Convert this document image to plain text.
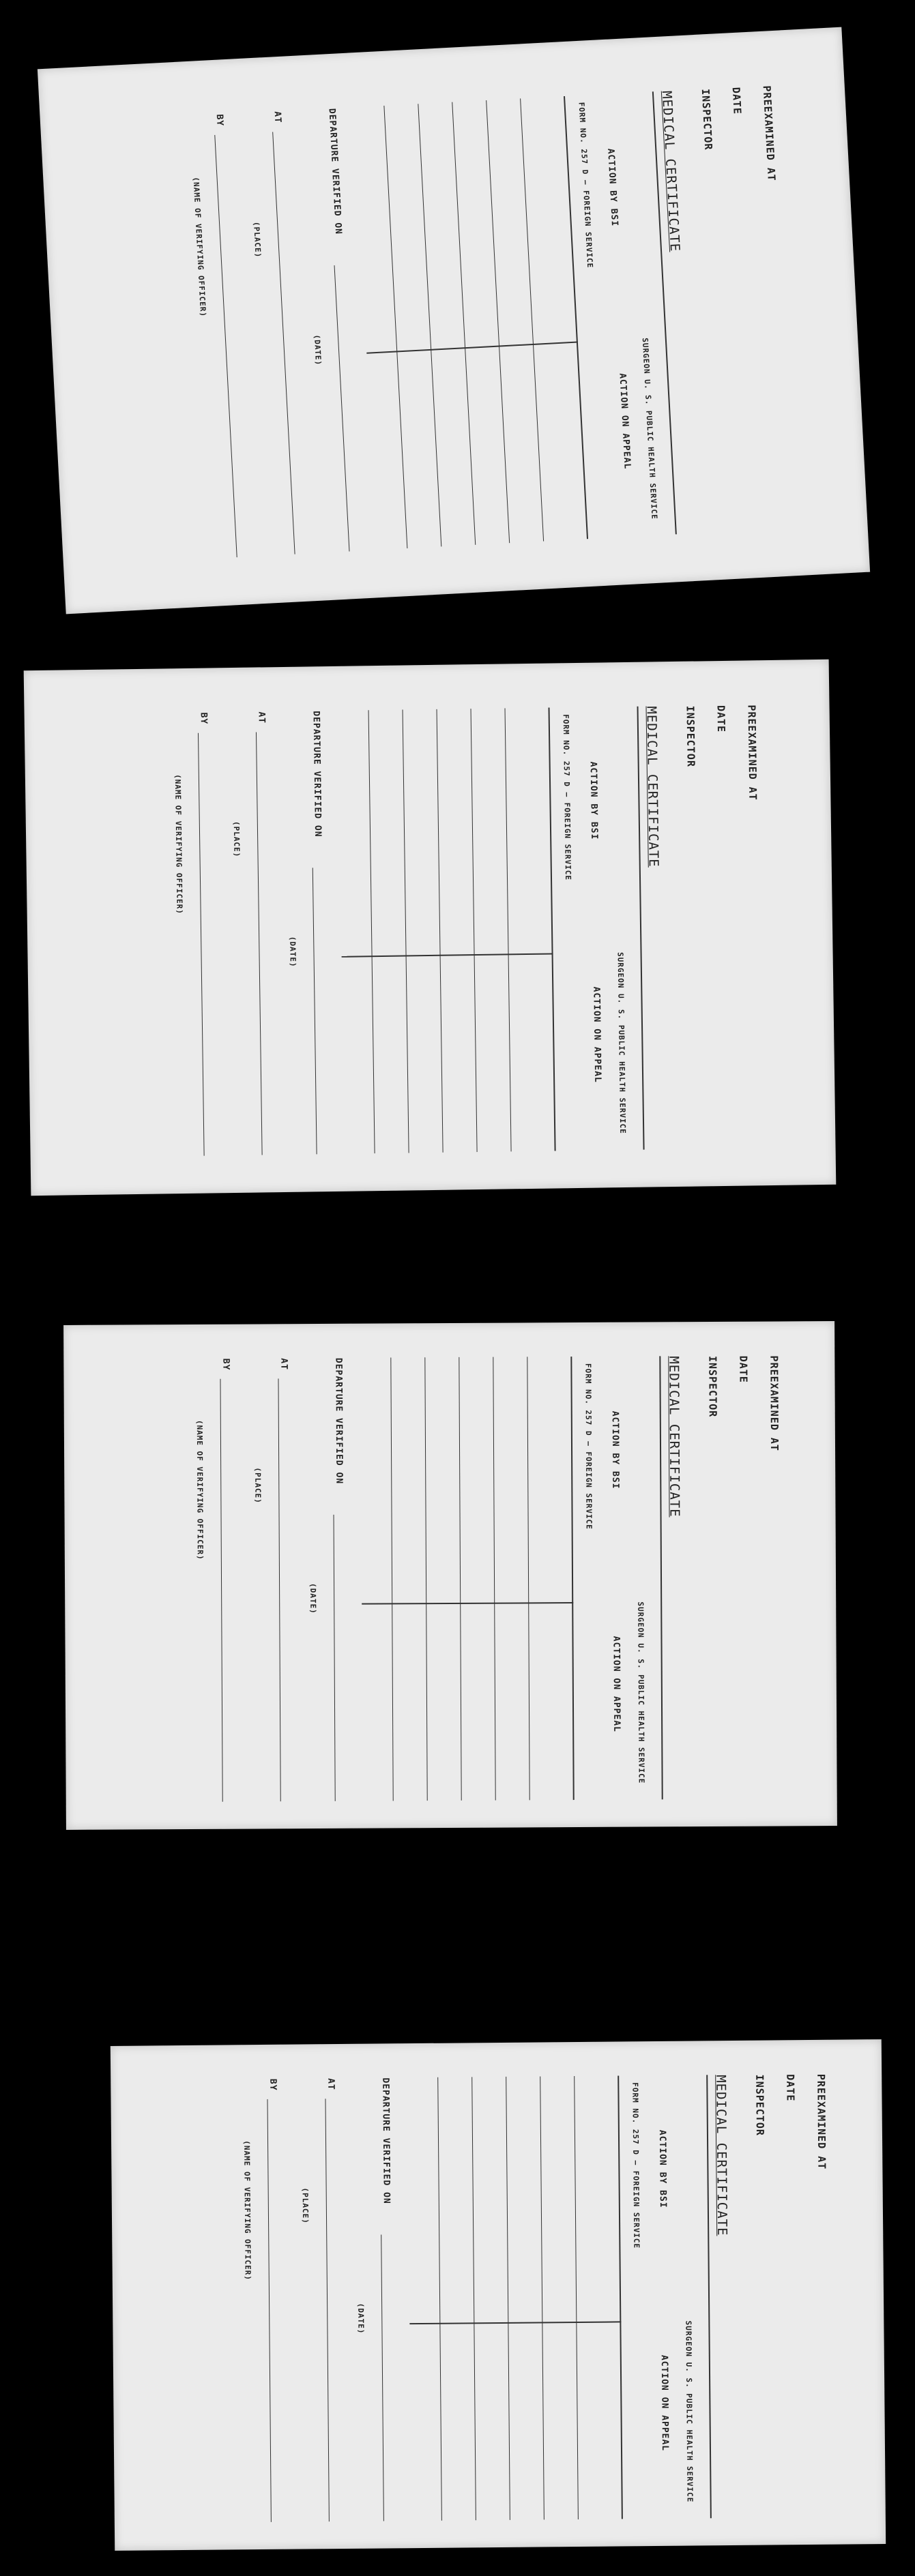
PREEXAMINED AT
DATE
INSPECTOR
MEDICAL CERTIFICATE
SURGEON U. S. PUBLIC HEALTH SERVICE
ACTION ON APPEAL
ACTION BY BSI
FORM NO. 257 D — FOREIGN SERVICE
DEPARTURE VERIFIED ON
(DATE)
AT
(PLACE)
BY
(NAME OF VERIFYING OFFICER)
PREEXAMINED AT
DATE
INSPECTOR
MEDICAL CERTIFICATE
SURGEON U. S. PUBLIC HEALTH SERVICE
ACTION ON APPEAL
ACTION BY BSI
FORM NO. 257 D — FOREIGN SERVICE
DEPARTURE VERIFIED ON
(DATE)
AT
(PLACE)
BY
(NAME OF VERIFYING OFFICER)
PREEXAMINED AT
DATE
INSPECTOR
MEDICAL CERTIFICATE
SURGEON U. S. PUBLIC HEALTH SERVICE
ACTION ON APPEAL
ACTION BY BSI
FORM NO. 257 D — FOREIGN SERVICE
DEPARTURE VERIFIED ON
(DATE)
AT
(PLACE)
BY
(NAME OF VERIFYING OFFICER)
PREEXAMINED AT
DATE
INSPECTOR
MEDICAL CERTIFICATE
SURGEON U. S. PUBLIC HEALTH SERVICE
ACTION ON APPEAL
ACTION BY BSI
FORM NO. 257 D — FOREIGN SERVICE
DEPARTURE VERIFIED ON
(DATE)
AT
(PLACE)
BY
(NAME OF VERIFYING OFFICER)
